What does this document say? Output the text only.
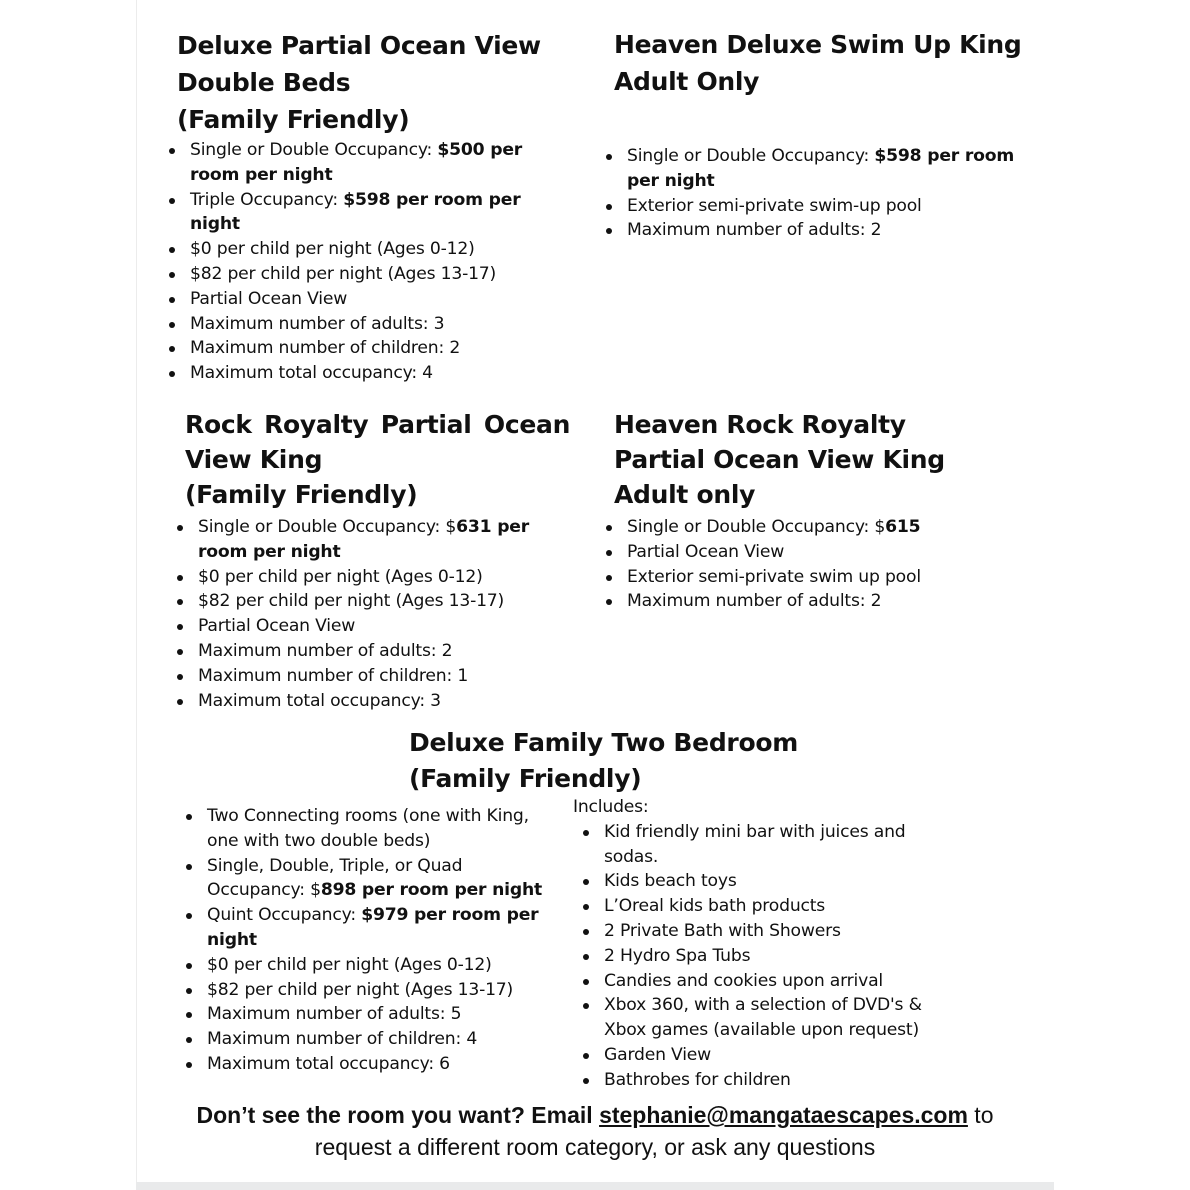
Deluxe Partial Ocean View
Double Beds
(Family Friendly)
Single or Double Occupancy: $500 per room per night
Triple Occupancy: $598 per room per night
$0 per child per night (Ages 0-12)
$82 per child per night (Ages 13-17)
Partial Ocean View
Maximum number of adults: 3
Maximum number of children: 2
Maximum total occupancy: 4
Heaven Deluxe Swim Up King
Adult Only
Single or Double Occupancy: $598 per room per night
Exterior semi-private swim-up pool
Maximum number of adults: 2
Rock Royalty Partial Ocean
View King
(Family Friendly)
Single or Double Occupancy: $631 per room per night
$0 per child per night (Ages 0-12)
$82 per child per night (Ages 13-17)
Partial Ocean View
Maximum number of adults: 2
Maximum number of children: 1
Maximum total occupancy: 3
Heaven Rock Royalty
Partial Ocean View King
Adult only
Single or Double Occupancy: $615
Partial Ocean View
Exterior semi-private swim up pool
Maximum number of adults: 2
Deluxe Family Two Bedroom
(Family Friendly)
Two Connecting rooms (one with King, one with two double beds)
Single, Double, Triple, or Quad Occupancy: $898 per room per night
Quint Occupancy: $979 per room per night
$0 per child per night (Ages 0-12)
$82 per child per night (Ages 13-17)
Maximum number of adults: 5
Maximum number of children: 4
Maximum total occupancy: 6
Includes:
Kid friendly mini bar with juices and sodas.
Kids beach toys
L’Oreal kids bath products
2 Private Bath with Showers
2 Hydro Spa Tubs
Candies and cookies upon arrival
Xbox 360, with a selection of DVD's & Xbox games (available upon request)
Garden View
Bathrobes for children
Don’t see the room you want? Email stephanie@mangataescapes.com to
request a different room category, or ask any questions
